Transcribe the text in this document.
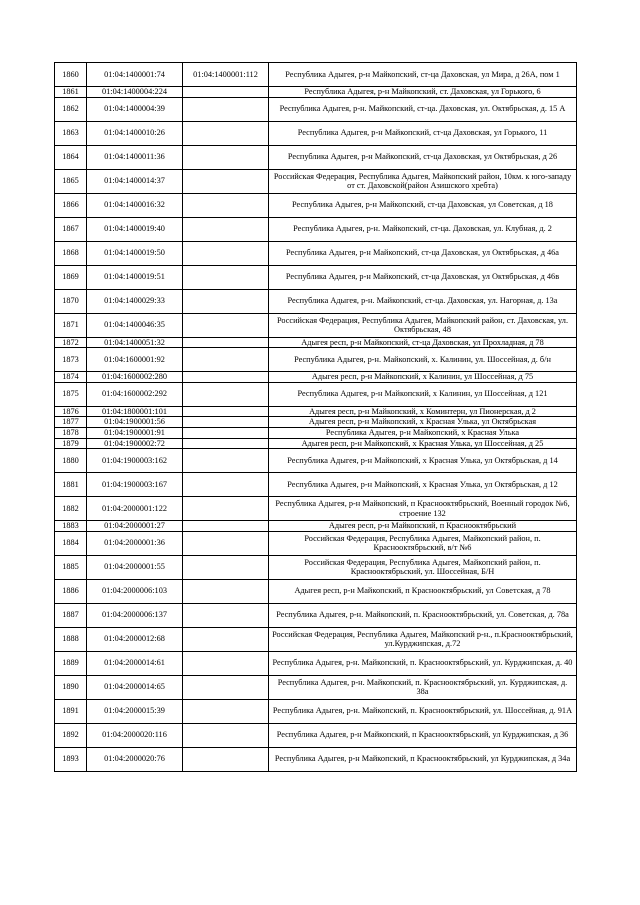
1860	01:04:1400001:74	01:04:1400001:112	Республика Адыгея, р-н Майкопский, ст-ца Даховская, ул Мира, д 26А, пом 1
1861	01:04:1400004:224		Республика Адыгея, р-н Майкопский, ст. Даховская, ул Горького, 6
1862	01:04:1400004:39		Республика Адыгея, р-н. Майкопский, ст-ца. Даховская, ул. Октябрьская, д. 15 А
1863	01:04:1400010:26		Республика Адыгея, р-н Майкопский, ст-ца Даховская, ул Горького, 11
1864	01:04:1400011:36		Республика Адыгея, р-н Майкопский, ст-ца Даховская, ул Октябрьская, д 26
1865	01:04:1400014:37		Российская Федерация, Республика Адыгея, Майкопский район, 10км. к юго-западу от ст. Даховской(район Азишского хребта)
1866	01:04:1400016:32		Республика Адыгея, р-н Майкопский, ст-ца Даховская, ул Советская, д 18
1867	01:04:1400019:40		Республика Адыгея, р-н. Майкопский, ст-ца. Даховская, ул. Клубная, д. 2
1868	01:04:1400019:50		Республика Адыгея, р-н Майкопский, ст-ца Даховская, ул Октябрьская, д 46а
1869	01:04:1400019:51		Республика Адыгея, р-н Майкопский, ст-ца Даховская, ул Октябрьская, д 46в
1870	01:04:1400029:33		Республика Адыгея, р-н. Майкопский, ст-ца. Даховская, ул. Нагорная, д. 13а
1871	01:04:1400046:35		Российская Федерация, Республика Адыгея, Майкопский район, ст. Даховская, ул. Октябрьская, 48
1872	01:04:1400051:32		Адыгея респ, р-н Майкопский, ст-ца Даховская, ул Прохладная, д 78
1873	01:04:1600001:92		Республика Адыгея, р-н. Майкопский, х. Калинин, ул. Шоссейная, д. б/н
1874	01:04:1600002:280		Адыгея респ, р-н Майкопский, х Калинин, ул Шоссейная, д 75
1875	01:04:1600002:292		Республика Адыгея, р-н Майкопский, х Калинин, ул Шоссейная, д 121
1876	01:04:1800001:101		Адыгея респ, р-н Майкопский, х Коминтерн, ул Пионерская, д 2
1877	01:04:1900001:56		Адыгея респ, р-н Майкопский, х Красная Улька, ул Октябрьская
1878	01:04:1900001:91		Республика Адыгея, р-н Майкопский, х Красная Улька
1879	01:04:1900002:72		Адыгея респ, р-н Майкопский, х Красная Улька, ул Шоссейная, д 25
1880	01:04:1900003:162		Республика Адыгея, р-н Майкопский, х Красная Улька, ул Октябрьская, д 14
1881	01:04:1900003:167		Республика Адыгея, р-н Майкопский, х Красная Улька, ул Октябрьская, д 12
1882	01:04:2000001:122		Республика Адыгея, р-н Майкопский, п Краснооктябрьский, Военный городок №6, строение 132
1883	01:04:2000001:27		Адыгея респ, р-н Майкопский, п Краснооктябрьский
1884	01:04:2000001:36		Российская Федерация, Республика Адыгея, Майкопский район, п. Краснооктябрьский, в/т №6
1885	01:04:2000001:55		Российская Федерация, Республика Адыгея, Майкопский район, п. Краснооктябрьский, ул. Шоссейная, Б/Н
1886	01:04:2000006:103		Адыгея респ, р-н Майкопский, п Краснооктябрьский, ул Советская, д 78
1887	01:04:2000006:137		Республика Адыгея, р-н. Майкопский, п. Краснооктябрьский, ул. Советская, д. 78а
1888	01:04:2000012:68		Российская Федерация, Республика Адыгея, Майкопский р-н., п.Краснооктябрьский, ул.Курджипская, д.72
1889	01:04:2000014:61		Республика Адыгея, р-н. Майкопский, п. Краснооктябрьский, ул. Курджипская, д. 40
1890	01:04:2000014:65		Республика Адыгея, р-н. Майкопский, п. Краснооктябрьский, ул. Курджипская, д. 38а
1891	01:04:2000015:39		Республика Адыгея, р-н. Майкопский, п. Краснооктябрьский, ул. Шоссейная, д. 91А
1892	01:04:2000020:116		Республика Адыгея, р-н Майкопский, п Краснооктябрьский, ул Курджипская, д 36
1893	01:04:2000020:76		Республика Адыгея, р-н Майкопский, п Краснооктябрьский, ул Курджипская, д 34а
